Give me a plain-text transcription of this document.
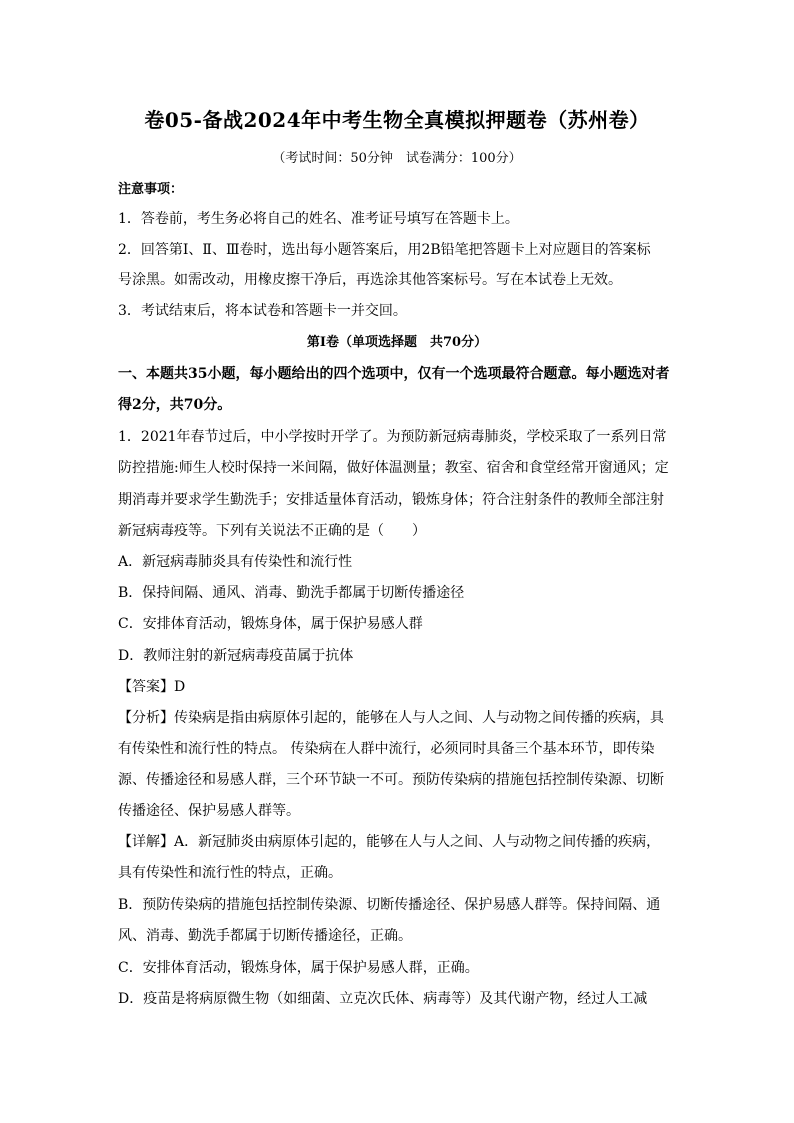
卷05-备战2024年中考生物全真模拟押题卷（苏州卷）
（考试时间：50分钟　试卷满分：100分）
注意事项：
1．答卷前，考生务必将自己的姓名、准考证号填写在答题卡上。
2．回答第Ⅰ、Ⅱ、Ⅲ卷时，选出每小题答案后，用2B铅笔把答题卡上对应题目的答案标
号涂黑。如需改动，用橡皮擦干净后，再选涂其他答案标号。写在本试卷上无效。
3．考试结束后，将本试卷和答题卡一并交回。
第Ⅰ卷（单项选择题　共70分）
一、本题共35小题，每小题给出的四个选项中，仅有一个选项最符合题意。每小题选对者
得2分，共70分。
1．2021年春节过后，中小学按时开学了。为预防新冠病毒肺炎，学校采取了一系列日常
防控措施:师生人校时保持一米间隔，做好体温测量；教室、宿舍和食堂经常开窗通风；定
期消毒并要求学生勤洗手；安排适量体育活动，锻炼身体；符合注射条件的教师全部注射
新冠病毒疫等。下列有关说法不正确的是（　　）
A．新冠病毒肺炎具有传染性和流行性
B．保持间隔、通风、消毒、勤洗手都属于切断传播途径
C．安排体育活动，锻炼身体，属于保护易感人群
D．教师注射的新冠病毒疫苗属于抗体
【答案】D
【分析】传染病是指由病原体引起的，能够在人与人之间、人与动物之间传播的疾病，具
有传染性和流行性的特点。 传染病在人群中流行，必须同时具备三个基本环节，即传染
源、传播途径和易感人群，三个环节缺一不可。预防传染病的措施包括控制传染源、切断
传播途径、保护易感人群等。
【详解】A．新冠肺炎由病原体引起的，能够在人与人之间、人与动物之间传播的疾病，
具有传染性和流行性的特点，正确。
B．预防传染病的措施包括控制传染源、切断传播途径、保护易感人群等。保持间隔、通
风、消毒、勤洗手都属于切断传播途径，正确。
C．安排体育活动，锻炼身体，属于保护易感人群，正确。
D．疫苗是将病原微生物（如细菌、立克次氏体、病毒等）及其代谢产物，经过人工减
